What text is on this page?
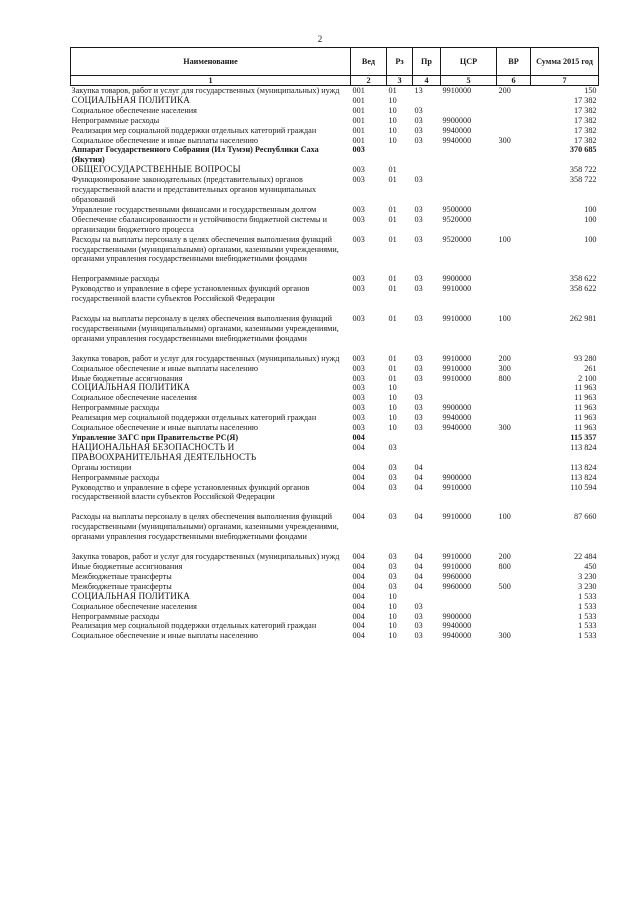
2
Наименование	Вед	Рз	Пр	ЦСР	ВР	Сумма 2015 год
1	2	3	4	5	6	7
Закупка товаров, работ и услуг для государственных (муниципальных) нужд	001	01	13	9910000	200	150
СОЦИАЛЬНАЯ ПОЛИТИКА	001	10				17 382
Социальное обеспечение населения	001	10	03			17 382
Непрограммные расходы	001	10	03	9900000		17 382
Реализация мер социальной поддержки отдельных категорий граждан	001	10	03	9940000		17 382
Социальное обеспечение и иные выплаты населению	001	10	03	9940000	300	17 382
Аппарат Государственного Собрания (Ил Тумэн) Республики Саха (Якутия)	003					370 685
ОБЩЕГОСУДАРСТВЕННЫЕ ВОПРОСЫ	003	01				358 722
Функционирование законодательных (представительных) органов государственной власти и представительных органов муниципальных образований	003	01	03			358 722
Управление государственными финансами и государственным долгом	003	01	03	9500000		100
Обеспечение сбалансированности и устойчивости бюджетной системы и организации бюджетного процесса	003	01	03	9520000		100
Расходы на выплаты персоналу в целях обеспечения выполнения функций государственными (муниципальными) органами, казенными учреждениями, органами управления государственными внебюджетными фондами	003	01	03	9520000	100	100
Непрограммные расходы	003	01	03	9900000		358 622
Руководство и управление в сфере установленных функций органов государственной власти субъектов Российской Федерации	003	01	03	9910000		358 622
Расходы на выплаты персоналу в целях обеспечения выполнения функций государственными (муниципальными) органами, казенными учреждениями, органами управления государственными внебюджетными фондами	003	01	03	9910000	100	262 981
Закупка товаров, работ и услуг для государственных (муниципальных) нужд	003	01	03	9910000	200	93 280
Социальное обеспечение и иные выплаты населению	003	01	03	9910000	300	261
Иные бюджетные ассигнования	003	01	03	9910000	800	2 100
СОЦИАЛЬНАЯ ПОЛИТИКА	003	10				11 963
Социальное обеспечение населения	003	10	03			11 963
Непрограммные расходы	003	10	03	9900000		11 963
Реализация мер социальной поддержки отдельных категорий граждан	003	10	03	9940000		11 963
Социальное обеспечение и иные выплаты населению	003	10	03	9940000	300	11 963
Управление ЗАГС при Правительстве РС(Я)	004					115 357
НАЦИОНАЛЬНАЯ БЕЗОПАСНОСТЬ И ПРАВООХРАНИТЕЛЬНАЯ ДЕЯТЕЛЬНОСТЬ	004	03				113 824
Органы юстиции	004	03	04			113 824
Непрограммные расходы	004	03	04	9900000		113 824
Руководство и управление в сфере установленных функций органов государственной власти субъектов Российской Федерации	004	03	04	9910000		110 594
Расходы на выплаты персоналу в целях обеспечения выполнения функций государственными (муниципальными) органами, казенными учреждениями, органами управления государственными внебюджетными фондами	004	03	04	9910000	100	87 660
Закупка товаров, работ и услуг для государственных (муниципальных) нужд	004	03	04	9910000	200	22 484
Иные бюджетные ассигнования	004	03	04	9910000	800	450
Межбюджетные трансферты	004	03	04	9960000		3 230
Межбюджетные трансферты	004	03	04	9960000	500	3 230
СОЦИАЛЬНАЯ ПОЛИТИКА	004	10				1 533
Социальное обеспечение населения	004	10	03			1 533
Непрограммные расходы	004	10	03	9900000		1 533
Реализация мер социальной поддержки отдельных категорий граждан	004	10	03	9940000		1 533
Социальное обеспечение и иные выплаты населению	004	10	03	9940000	300	1 533
